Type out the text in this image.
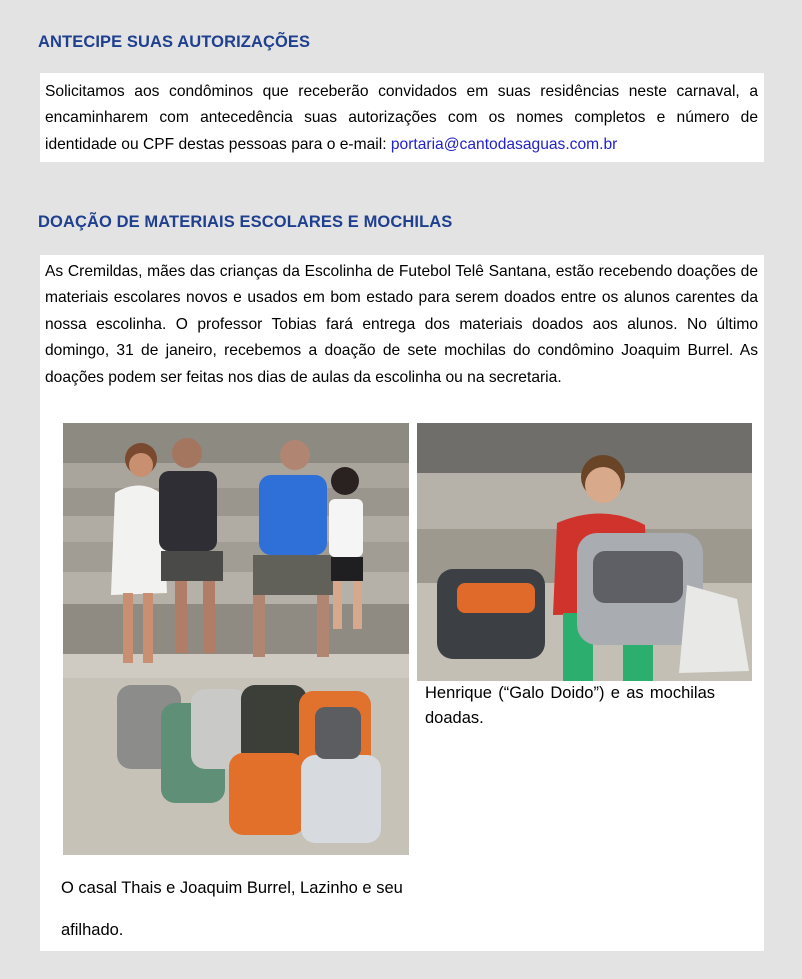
ANTECIPE SUAS AUTORIZAÇÕES

Solicitamos aos condôminos que receberão convidados em suas residências neste carnaval, a encaminharem com antecedência suas autorizações com os nomes completos e número de identidade ou CPF destas pessoas para o e-mail: portaria@cantodasaguas.com.br

DOAÇÃO DE MATERIAIS ESCOLARES E MOCHILAS

As Cremildas, mães das crianças da Escolinha de Futebol Telê Santana, estão recebendo doações de materiais escolares novos e usados em bom estado para serem doados entre os alunos carentes da nossa escolinha. O professor Tobias fará entrega dos materiais doados aos alunos. No último domingo, 31 de janeiro, recebemos a doação de sete mochilas do condômino Joaquim Burrel. As doações podem ser feitas nos dias de aulas da escolinha ou na secretaria.

Henrique (“Galo Doido”) e as mochilas doadas.

O casal Thais e Joaquim Burrel, Lazinho e seu afilhado.
